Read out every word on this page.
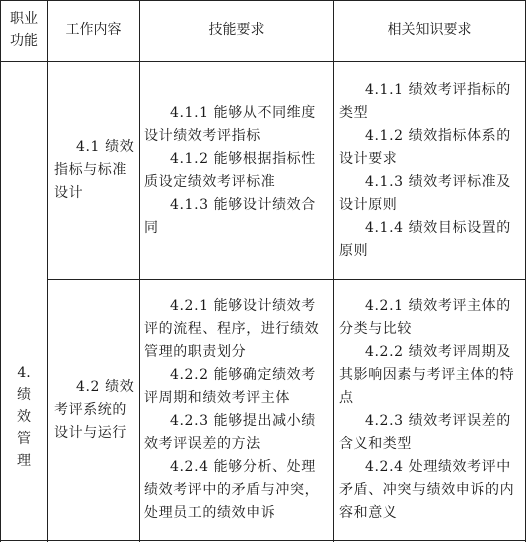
职业
功能
工作内容	技能要求	相关知识要求
4.
绩
效
管
理

4.1 绩效指标与标准设计

4.1.1 能够从不同维度设计绩效考评指标

4.1.2 能够根据指标性质设定绩效考评标准

4.1.3 能够设计绩效合同

4.1.1 绩效考评指标的类型

4.1.2 绩效指标体系的设计要求

4.1.3 绩效考评标准及设计原则

4.1.4 绩效目标设置的原则

4.2 绩效考评系统的设计与运行

4.2.1 能够设计绩效考评的流程、程序，进行绩效管理的职责划分

4.2.2 能够确定绩效考评周期和绩效考评主体

4.2.3 能够提出减小绩效考评误差的方法

4.2.4 能够分析、处理绩效考评中的矛盾与冲突，处理员工的绩效申诉

4.2.1 绩效考评主体的分类与比较

4.2.2 绩效考评周期及其影响因素与考评主体的特点

4.2.3 绩效考评误差的含义和类型

4.2.4 处理绩效考评中矛盾、冲突与绩效申诉的内容和意义
